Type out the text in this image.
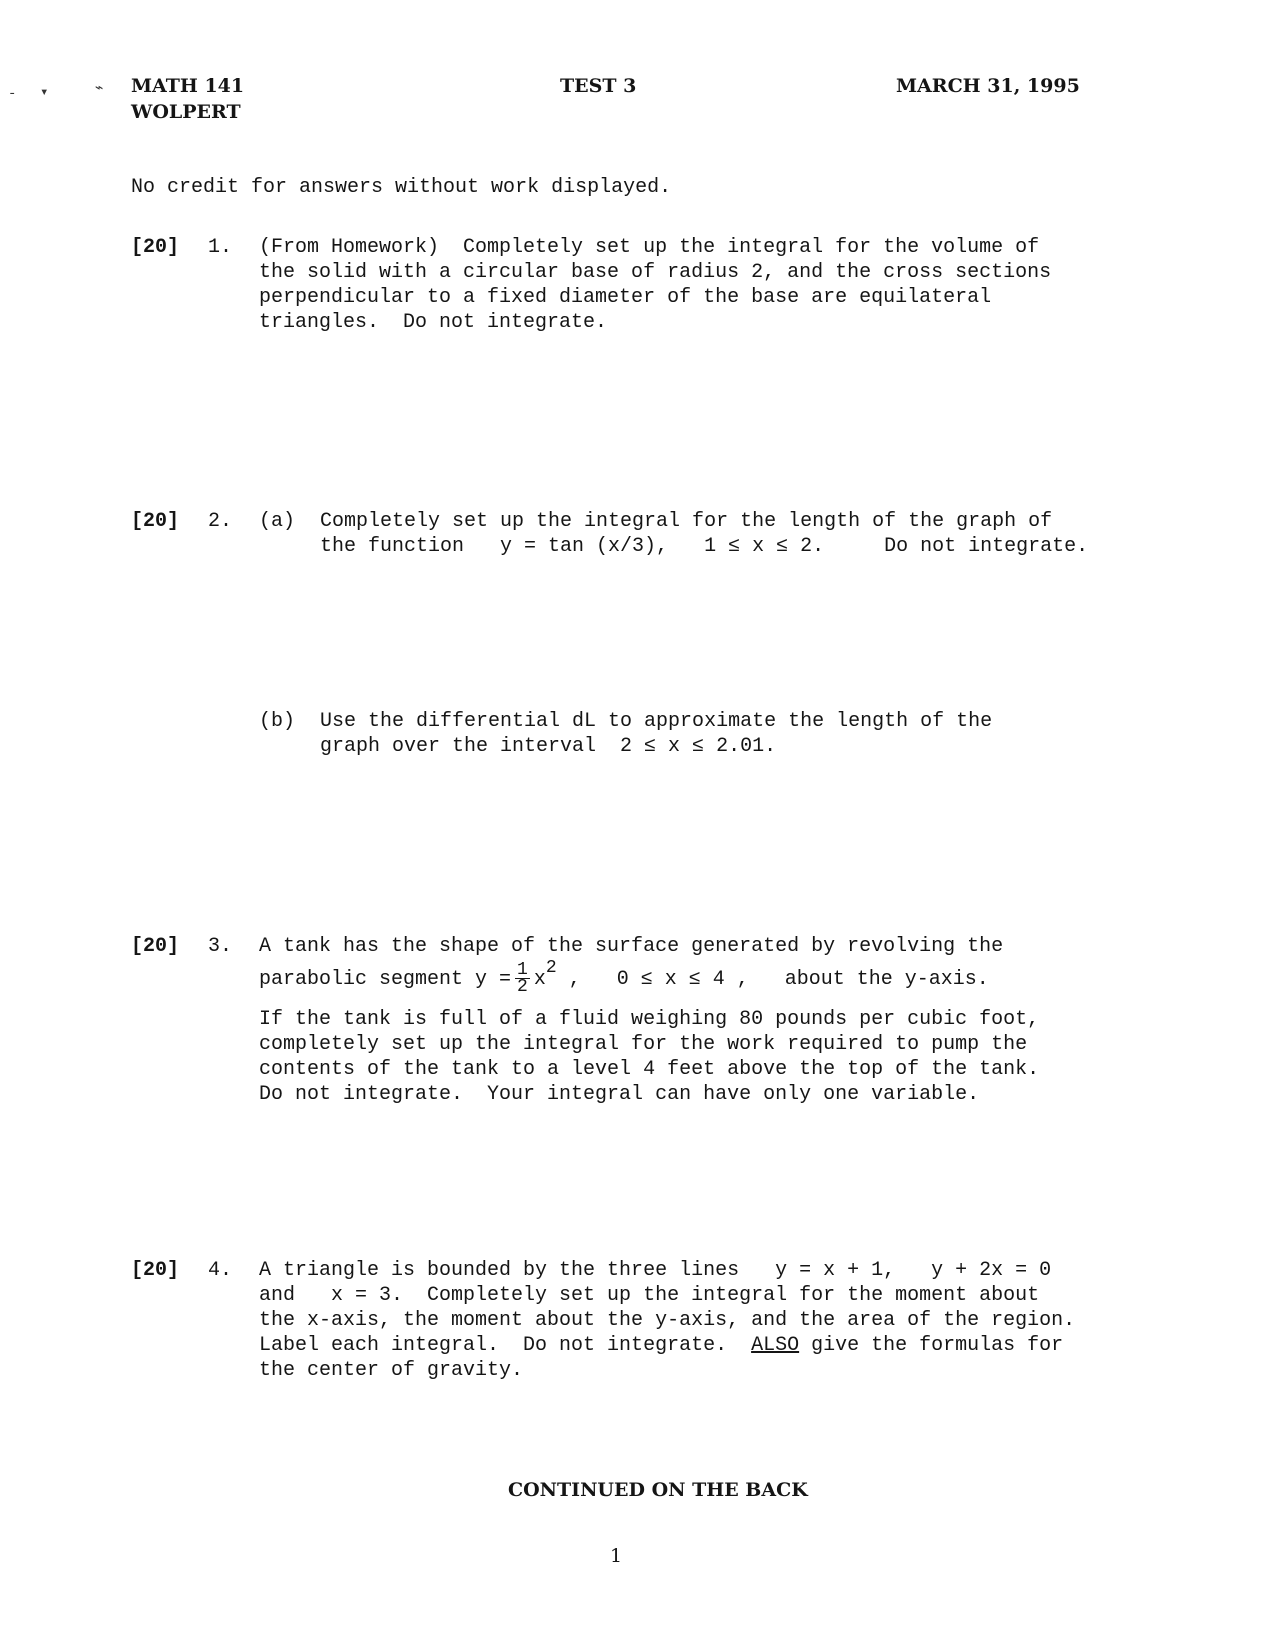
- ▾	⌁ MATH 141
WOLPERT
TEST 3	MARCH 31, 1995
No credit for answers without work displayed.
[20] 1. (From Homework)  Completely set up the integral for the volume of
the solid with a circular base of radius 2, and the cross sections
perpendicular to a fixed diameter of the base are equilateral
triangles.  Do not integrate.
[20] 2. (a) Completely set up the integral for the length of the graph of
the function   y = tan (x/3),   1 ≤ x ≤ 2.     Do not integrate.
(b) Use the differential dL to approximate the length of the
graph over the interval  2 ≤ x ≤ 2.01.
[20] 3. A tank has the shape of the surface generated by revolving the
parabolic segment $y = \frac{1}{2} x2$ ,   0 ≤ x ≤ 4 ,   about the y-axis.
If the tank is full of a fluid weighing 80 pounds per cubic foot,
completely set up the integral for the work required to pump the
contents of the tank to a level 4 feet above the top of the tank.
Do not integrate.  Your integral can have only one variable.
[20] 4. A triangle is bounded by the three lines   y = x + 1,   y + 2x = 0
and   x = 3.  Completely set up the integral for the moment about
the x-axis, the moment about the y-axis, and the area of the region.
Label each integral.  Do not integrate. ALSO give the formulas for
the center of gravity.
CONTINUED ON THE BACK
1
